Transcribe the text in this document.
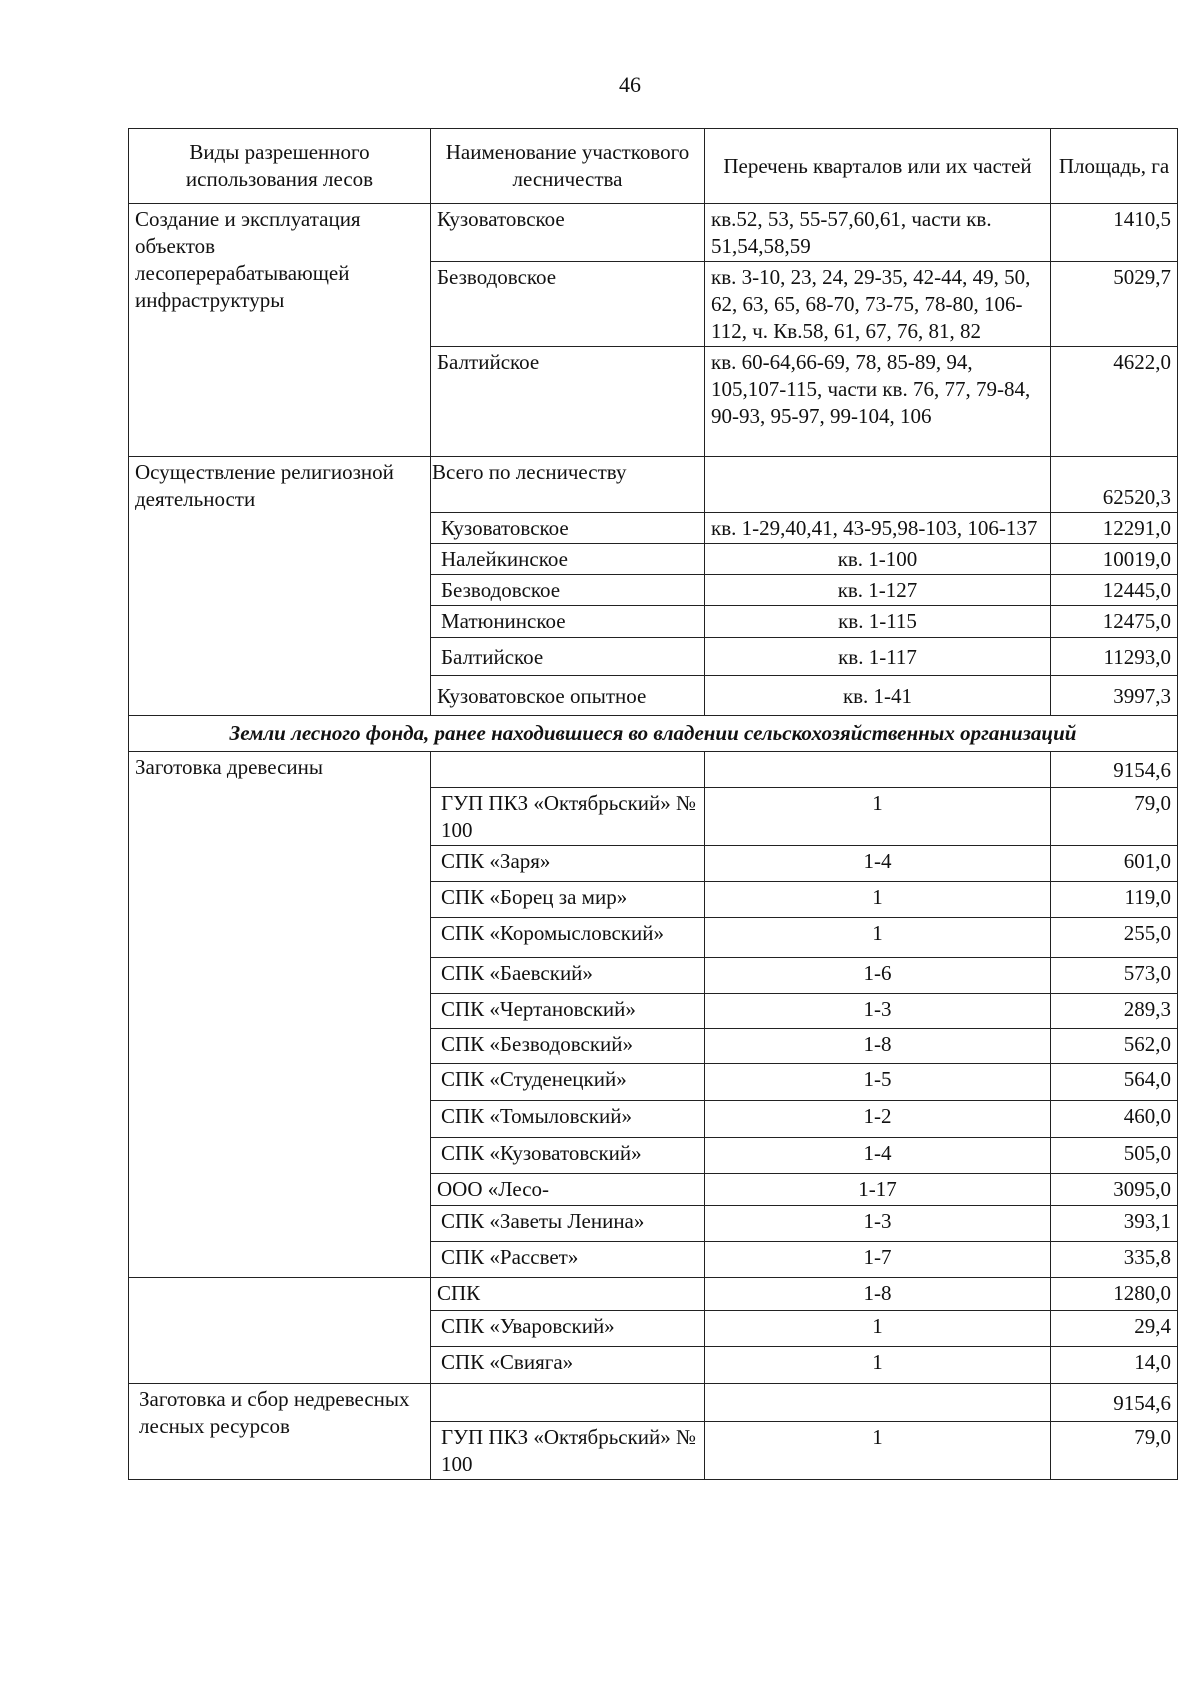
46
Виды разрешенного использования лесов	Наименование участкового лесничества	Перечень кварталов или их частей	Площадь, га
Создание и эксплуатация объектов лесоперерабатывающей инфраструктуры	Кузоватовское	кв.52, 53, 55-57,60,61, части кв. 51,54,58,59	1410,5
	Безводовское	кв. 3-10, 23, 24, 29-35, 42-44, 49, 50, 62, 63, 65, 68-70, 73-75, 78-80, 106-112, ч. Кв.58, 61, 67, 76, 81, 82	5029,7
	Балтийское	кв. 60-64,66-69, 78, 85-89, 94, 105,107-115, части кв. 76, 77, 79-84, 90-93, 95-97, 99-104, 106	4622,0
Осуществление религиозной деятельности	Всего по лесничеству		62520,3
	Кузоватовское	кв. 1-29,40,41, 43-95,98-103, 106-137	12291,0
	Налейкинское	кв. 1-100	10019,0
	Безводовское	кв. 1-127	12445,0
	Матюнинское	кв. 1-115	12475,0
	Балтийское	кв. 1-117	11293,0
	Кузоватовское опытное	кв. 1-41	3997,3
Земли лесного фонда, ранее находившиеся во владении сельскохозяйственных организаций			
Заготовка древесины			9154,6
	ГУП ПКЗ «Октябрьский» № 100	1	79,0
	СПК «Заря»	1-4	601,0
	СПК «Борец за мир»	1	119,0
	СПК «Коромысловский»	1	255,0
	СПК «Баевский»	1-6	573,0
	СПК «Чертановский»	1-3	289,3
	СПК «Безводовский»	1-8	562,0
	СПК «Студенецкий»	1-5	564,0
	СПК «Томыловский»	1-2	460,0
	СПК «Кузоватовский»	1-4	505,0
	ООО «Лесо-	1-17	3095,0
	СПК «Заветы Ленина»	1-3	393,1
	СПК «Рассвет»	1-7	335,8
	СПК	1-8	1280,0
	СПК «Уваровский»	1	29,4
	СПК «Свияга»	1	14,0
Заготовка и сбор недревесных лесных ресурсов			9154,6
	ГУП ПКЗ «Октябрьский» № 100	1	79,0
